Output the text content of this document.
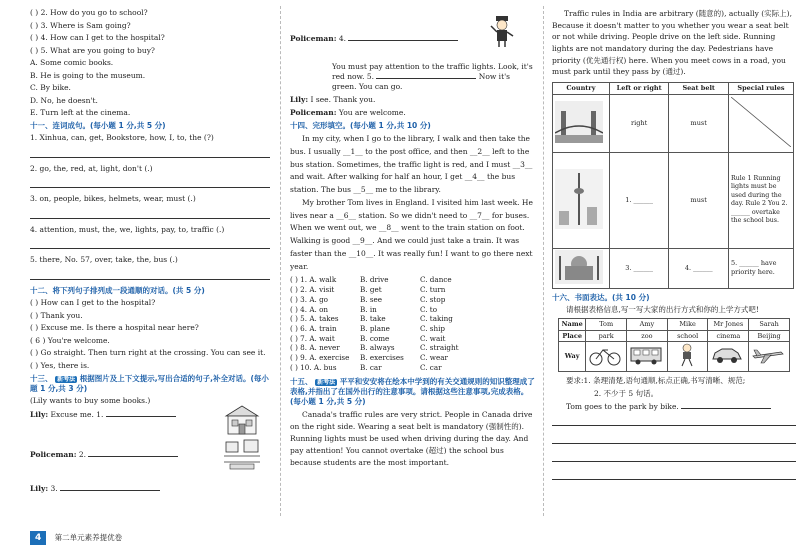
( ) 2. How do you go to school?
( ) 3. Where is Sam going?
( ) 4. How can I get to the hospital?
( ) 5. What are you going to buy?
A. Some comic books.
B. He is going to the museum.
C. By bike.
D. No, he doesn't.
E. Turn left at the cinema.
十一、连词成句。(每小题 1 分,共 5 分)
1. Xinhua, can, get, Bookstore, how, I, to, the (?)
2. go, the, red, at, light, don't (.)
3. on, people, bikes, helmets, wear, must (.)
4. attention, must, the, we, lights, pay, to, traffic (.)
5. there, No. 57, over, take, the, bus (.)
十二、将下列句子排列成一段通顺的对话。(共 5 分)
( ) How can I get to the hospital?
( ) Thank you.
( ) Excuse me. Is there a hospital near here?
( 6 ) You're welcome.
( ) Go straight. Then turn right at the crossing. You can see it.
( ) Yes, there is.
十三、 新考法 根据图片及上下文提示,写出合适的句子,补全对话。(每小题 1 分,共 3 分)
(Lily wants to buy some books.)
Lily: Excuse me. 1.
Policeman: 2.
Lily: 3.
4 第二单元素养提优卷
Policeman: 4.
You must pay attention to the traffic lights. Look, it's red now. 5.	Now it's green. You can go.
Lily: I see. Thank you.
Policeman: You are welcome.
十四、完形填空。(每小题 1 分,共 10 分)
In my city, when I go to the library, I walk and then take the bus. I usually __1__ to the post office, and then __2__ left to the bus station. Sometimes, the traffic light is red, and I must __3__ and wait. After walking for half an hour, I get __4__ the bus station. The bus __5__ me to the library.
My brother Tom lives in England. I visited him last week. He lives near a __6__ station. So we didn't need to __7__ for buses. When we went out, we __8__ went to the train station on foot. Walking is good __9__. And we could just take a train. It was faster than the __10__. It was really fun! I want to go there next year.
( ) 1. A. walk	B. drive	C. dance
( ) 2. A. visit	B. get	C. turn
( ) 3. A. go	B. see	C. stop
( ) 4. A. on	B. in	C. to
( ) 5. A. takes	B. take	C. taking
( ) 6. A. train	B. plane	C. ship
( ) 7. A. wait	B. come	C. wait
( ) 8. A. never	B. always	C. straight
( ) 9. A. exercise	B. exercises	C. wear
( ) 10. A. bus	B. car	C. car
十五、 新考法 平平和安安将在绘本中学到的有关交通规则的知识整理成了表格,并指出了在国外出行的注意事项。请根据这些注意事项,完成表格。(每小题 1 分,共 5 分)
Canada's traffic rules are very strict. People in Canada drive on the right side. Wearing a seat belt is mandatory (强制性的). Running lights must be used when driving during the day. And pay attention! You cannot overtake (超过) the school bus because students are the most important.
Traffic rules in India are arbitrary (随意的), actually (实际上), Because it doesn't matter to you whether you wear a seat belt or not while driving. People drive on the left side. Running lights are not mandatory during the day. Pedestrians have priority (优先通行权) here. When you meet cows in a road, you must park until they pass by (通过).
Country	Left or right	Seat belt	Special rules
	right	must	
	1. ______	must	Rule 1 Running lights must be used during the day. Rule 2 You 2. ______ overtake the school bus.
	3. ______	4. ______	5. ______ have priority here.
十六、书面表达。(共 10 分)
请根据表格信息,写一写大家的出行方式和你的上学方式吧!
Name	Tom	Amy	Mike	Mr Jones	Sarah
Place	park	zoo	school	cinema	Beijing
Way					
要求:1. 条理清楚,语句通顺,标点正确,书写清晰、规范;
2. 不少于 5 句话。
Tom goes to the park by bike.
